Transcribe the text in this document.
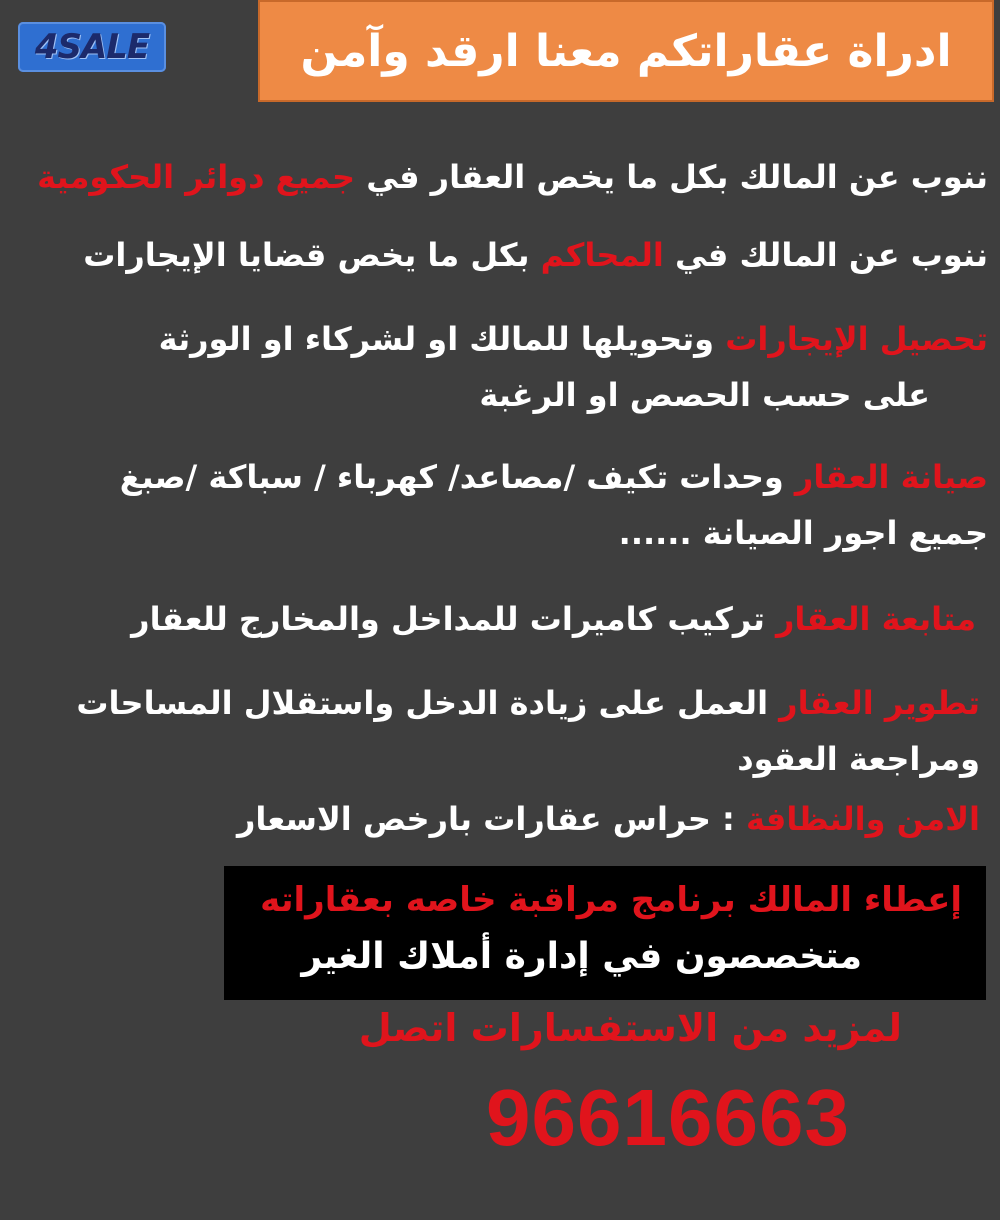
4SALE	ادراة عقاراتكم معنا ارقد وآمن
ننوب عن المالك بكل ما يخص العقار في جميع دوائر الحكومية
ننوب عن المالك في المحاكم بكل ما يخص قضايا الإيجارات
تحصيل الإيجارات وتحويلها للمالك او لشركاء او الورثة
على حسب الحصص او الرغبة
صيانة العقار وحدات تكيف /مصاعد/ كهرباء / سباكة /صبغ
جميع اجور الصيانة ......
متابعة العقار تركيب كاميرات للمداخل والمخارج للعقار
تطوير العقار العمل على زيادة الدخل واستقلال المساحات
ومراجعة العقود
الامن والنظافة : حراس عقارات بارخص الاسعار
إعطاء المالك برنامج مراقبة خاصه بعقاراته
متخصصون في إدارة أملاك الغير
لمزيد من الاستفسارات اتصل
96616663
